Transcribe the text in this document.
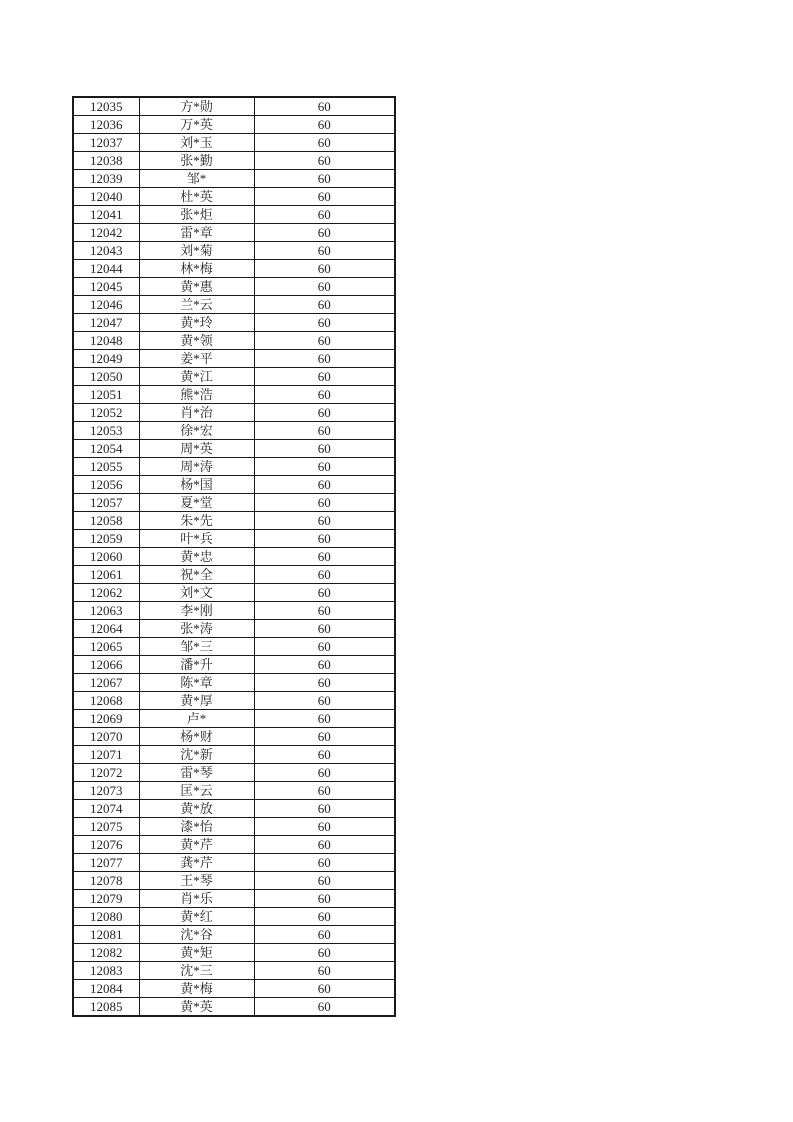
12035	方*勋	60
12036	万*英	60
12037	刘*玉	60
12038	张*勤	60
12039	邹*	60
12040	杜*英	60
12041	张*炬	60
12042	雷*章	60
12043	刘*菊	60
12044	林*梅	60
12045	黄*惠	60
12046	兰*云	60
12047	黄*玲	60
12048	黄*领	60
12049	姜*平	60
12050	黄*江	60
12051	熊*浩	60
12052	肖*治	60
12053	徐*宏	60
12054	周*英	60
12055	周*涛	60
12056	杨*国	60
12057	夏*堂	60
12058	朱*先	60
12059	叶*兵	60
12060	黄*忠	60
12061	祝*全	60
12062	刘*文	60
12063	李*刚	60
12064	张*涛	60
12065	邹*三	60
12066	潘*升	60
12067	陈*章	60
12068	黄*厚	60
12069	卢*	60
12070	杨*财	60
12071	沈*新	60
12072	雷*琴	60
12073	匡*云	60
12074	黄*放	60
12075	漆*怡	60
12076	黄*芹	60
12077	龚*芹	60
12078	王*琴	60
12079	肖*乐	60
12080	黄*红	60
12081	沈*谷	60
12082	黄*矩	60
12083	沈*三	60
12084	黄*梅	60
12085	黄*英	60
